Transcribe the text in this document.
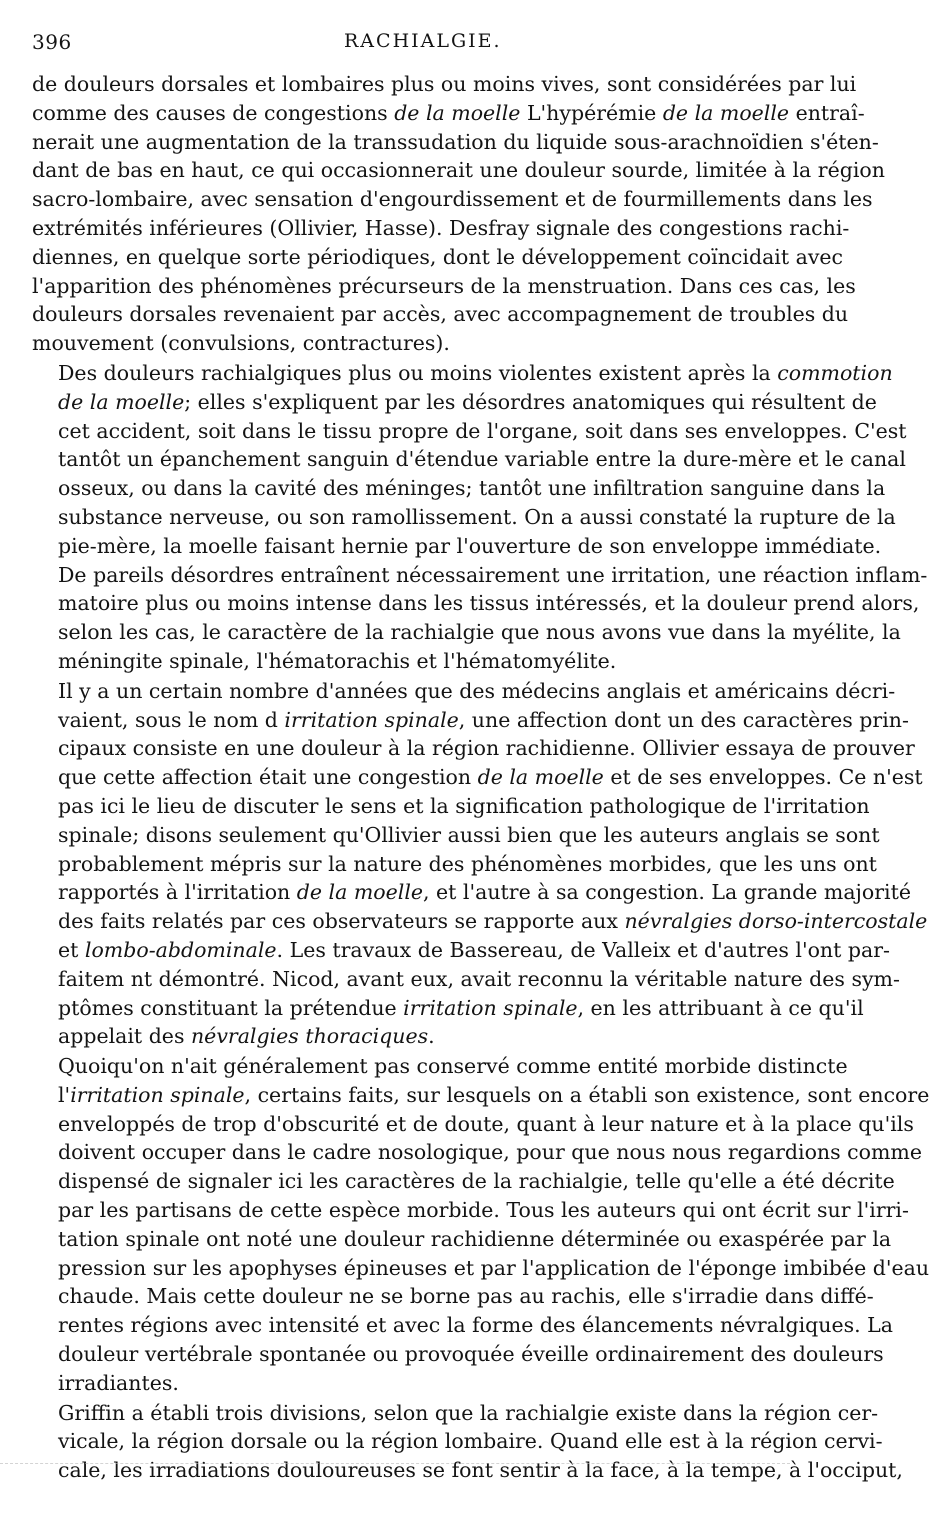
396	RACHIALGIE.

de douleurs dorsales et lombaires plus ou moins vives, sont considérées par lui
comme des causes de congestions de la moelle L'hypérémie de la moelle entraî-
nerait une augmentation de la transsudation du liquide sous-arachnoïdien s'éten-
dant de bas en haut, ce qui occasionnerait une douleur sourde, limitée à la région
sacro-lombaire, avec sensation d'engourdissement et de fourmillements dans les
extrémités inférieures (Ollivier, Hasse). Desfray signale des congestions rachi-
diennes, en quelque sorte périodiques, dont le développement coïncidait avec
l'apparition des phénomènes précurseurs de la menstruation. Dans ces cas, les
douleurs dorsales revenaient par accès, avec accompagnement de troubles du
mouvement (convulsions, contractures).

Des douleurs rachialgiques plus ou moins violentes existent après la commotion
de la moelle; elles s'expliquent par les désordres anatomiques qui résultent de
cet accident, soit dans le tissu propre de l'organe, soit dans ses enveloppes. C'est
tantôt un épanchement sanguin d'étendue variable entre la dure-mère et le canal
osseux, ou dans la cavité des méninges; tantôt une infiltration sanguine dans la
substance nerveuse, ou son ramollissement. On a aussi constaté la rupture de la
pie-mère, la moelle faisant hernie par l'ouverture de son enveloppe immédiate.
De pareils désordres entraînent nécessairement une irritation, une réaction inflam-
matoire plus ou moins intense dans les tissus intéressés, et la douleur prend alors,
selon les cas, le caractère de la rachialgie que nous avons vue dans la myélite, la
méningite spinale, l'hématorachis et l'hématomyélite.

Il y a un certain nombre d'années que des médecins anglais et américains décri-
vaient, sous le nom d irritation spinale, une affection dont un des caractères prin-
cipaux consiste en une douleur à la région rachidienne. Ollivier essaya de prouver
que cette affection était une congestion de la moelle et de ses enveloppes. Ce n'est
pas ici le lieu de discuter le sens et la signification pathologique de l'irritation
spinale; disons seulement qu'Ollivier aussi bien que les auteurs anglais se sont
probablement mépris sur la nature des phénomènes morbides, que les uns ont
rapportés à l'irritation de la moelle, et l'autre à sa congestion. La grande majorité
des faits relatés par ces observateurs se rapporte aux névralgies dorso-intercostale
et lombo-abdominale. Les travaux de Bassereau, de Valleix et d'autres l'ont par-
faitem nt démontré. Nicod, avant eux, avait reconnu la véritable nature des sym-
ptômes constituant la prétendue irritation spinale, en les attribuant à ce qu'il
appelait des névralgies thoraciques.

Quoiqu'on n'ait généralement pas conservé comme entité morbide distincte
l'irritation spinale, certains faits, sur lesquels on a établi son existence, sont encore
enveloppés de trop d'obscurité et de doute, quant à leur nature et à la place qu'ils
doivent occuper dans le cadre nosologique, pour que nous nous regardions comme
dispensé de signaler ici les caractères de la rachialgie, telle qu'elle a été décrite
par les partisans de cette espèce morbide. Tous les auteurs qui ont écrit sur l'irri-
tation spinale ont noté une douleur rachidienne déterminée ou exaspérée par la
pression sur les apophyses épineuses et par l'application de l'éponge imbibée d'eau
chaude. Mais cette douleur ne se borne pas au rachis, elle s'irradie dans diffé-
rentes régions avec intensité et avec la forme des élancements névralgiques. La
douleur vertébrale spontanée ou provoquée éveille ordinairement des douleurs
irradiantes.

Griffin a établi trois divisions, selon que la rachialgie existe dans la région cer-
vicale, la région dorsale ou la région lombaire. Quand elle est à la région cervi-
cale, les irradiations douloureuses se font sentir à la face, à la tempe, à l'occiput,
